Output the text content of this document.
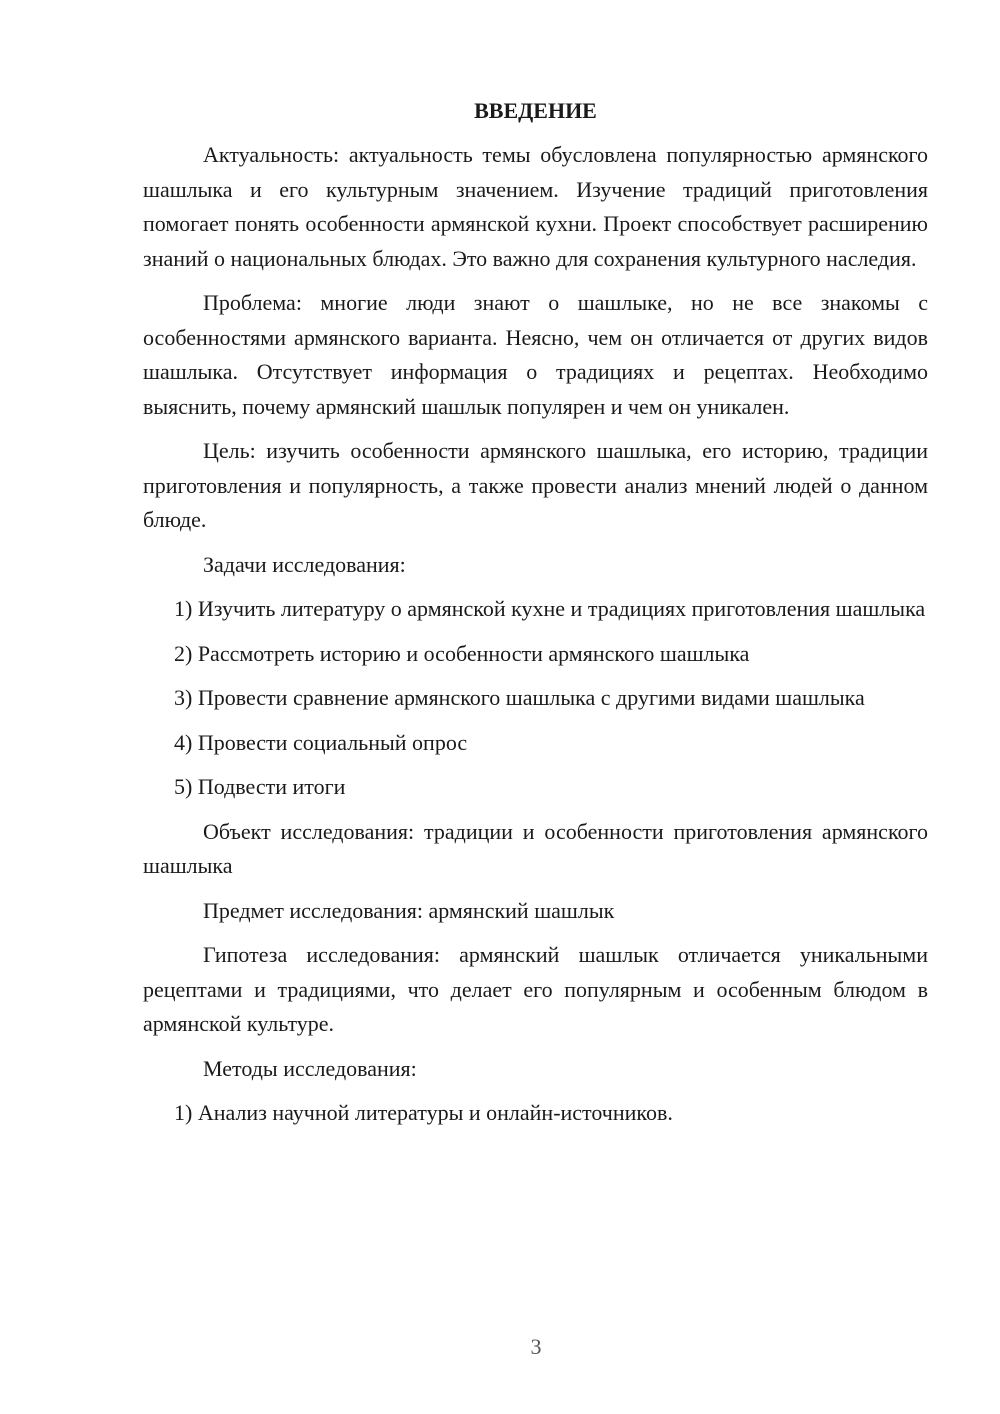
ВВЕДЕНИЕ

Актуальность: актуальность темы обусловлена популярностью армянского шашлыка и его культурным значением. Изучение традиций приготовления помогает понять особенности армянской кухни. Проект способствует расширению знаний о национальных блюдах. Это важно для сохранения культурного наследия.

Проблема: многие люди знают о шашлыке, но не все знакомы с особенностями армянского варианта. Неясно, чем он отличается от других видов шашлыка. Отсутствует информация о традициях и рецептах. Необходимо выяснить, почему армянский шашлык популярен и чем он уникален.

Цель: изучить особенности армянского шашлыка, его историю, традиции приготовления и популярность, а также провести анализ мнений людей о данном блюде.

Задачи исследования:

1) Изучить литературу о армянской кухне и традициях приготовления шашлыка

2) Рассмотреть историю и особенности армянского шашлыка

3) Провести сравнение армянского шашлыка с другими видами шашлыка

4) Провести социальный опрос

5) Подвести итоги

Объект исследования: традиции и особенности приготовления армянского шашлыка

Предмет исследования: армянский шашлык

Гипотеза исследования: армянский шашлык отличается уникальными рецептами и традициями, что делает его популярным и особенным блюдом в армянской культуре.

Методы исследования:

1) Анализ научной литературы и онлайн-источников.

3
